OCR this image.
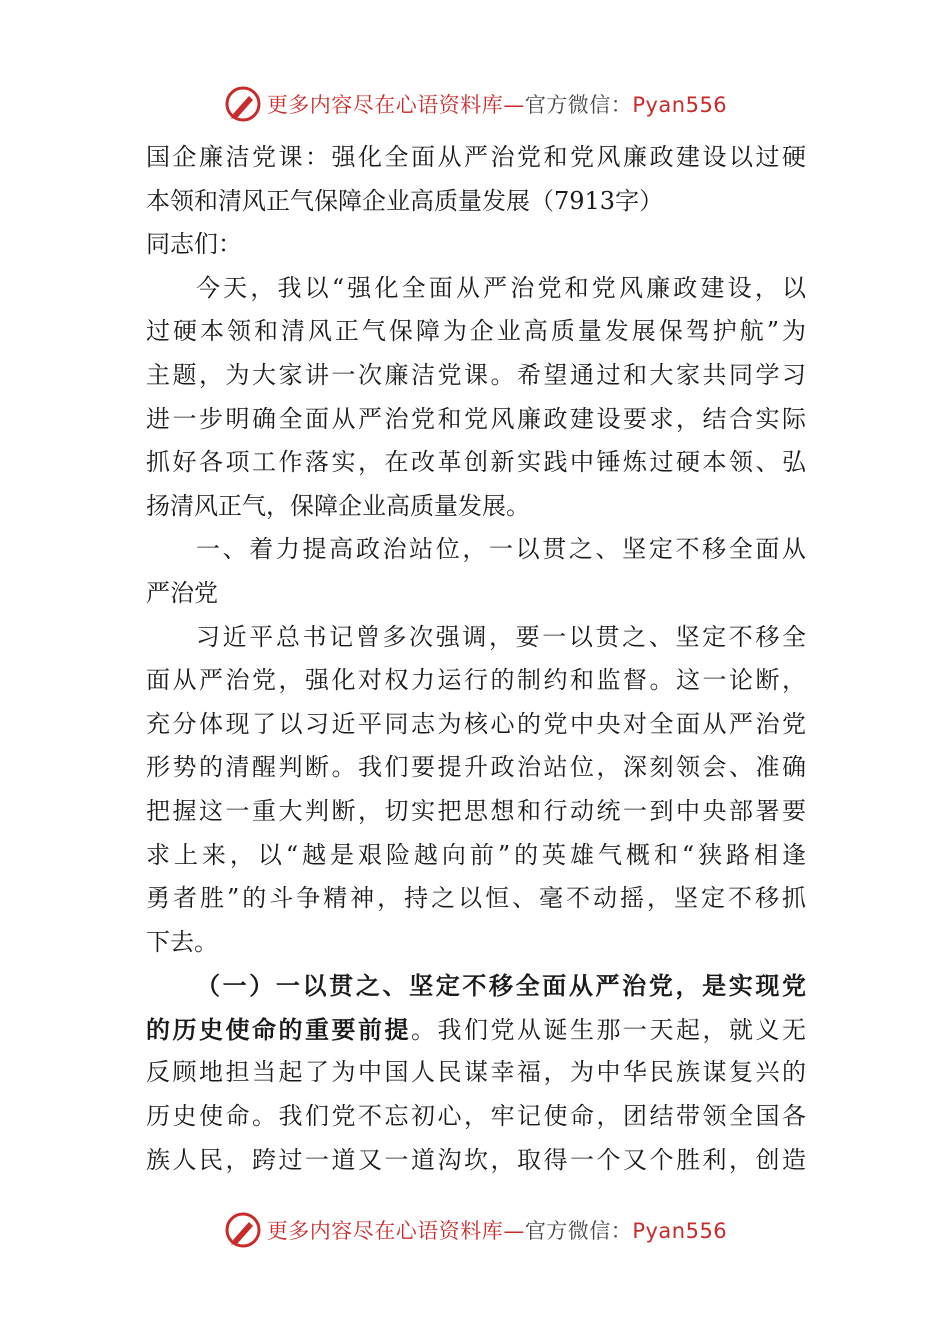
更多内容尽在心语资料库—官方微信：Pyan556
国企廉洁党课：强化全面从严治党和党风廉政建设以过硬
本领和清风正气保障企业高质量发展（7913字）
同志们：
今天，我以“强化全面从严治党和党风廉政建设，以
过硬本领和清风正气保障为企业高质量发展保驾护航”为
主题，为大家讲一次廉洁党课。希望通过和大家共同学习
进一步明确全面从严治党和党风廉政建设要求，结合实际
抓好各项工作落实，在改革创新实践中锤炼过硬本领、弘
扬清风正气，保障企业高质量发展。
一、着力提高政治站位，一以贯之、坚定不移全面从
严治党
习近平总书记曾多次强调，要一以贯之、坚定不移全
面从严治党，强化对权力运行的制约和监督。这一论断，
充分体现了以习近平同志为核心的党中央对全面从严治党
形势的清醒判断。我们要提升政治站位，深刻领会、准确
把握这一重大判断，切实把思想和行动统一到中央部署要
求上来，以“越是艰险越向前”的英雄气概和“狭路相逢
勇者胜”的斗争精神，持之以恒、毫不动摇，坚定不移抓
下去。
（一）一以贯之、坚定不移全面从严治党，是实现党
的历史使命的重要前提。我们党从诞生那一天起，就义无
反顾地担当起了为中国人民谋幸福，为中华民族谋复兴的
历史使命。我们党不忘初心，牢记使命，团结带领全国各
族人民，跨过一道又一道沟坎，取得一个又个胜利，创造
更多内容尽在心语资料库—官方微信：Pyan556
